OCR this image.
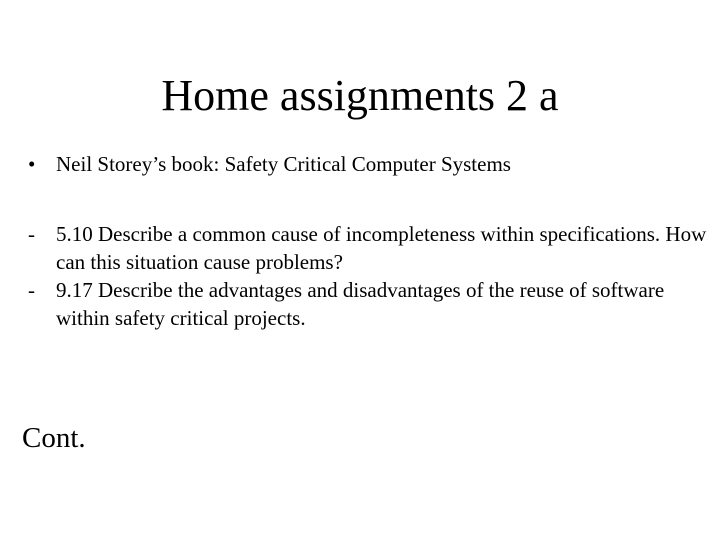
Home assignments 2 a
• Neil Storey’s book: Safety Critical Computer Systems
- 5.10 Describe a common cause of incompleteness within specifications. How can this situation cause problems?
- 9.17 Describe the advantages and disadvantages of the reuse of software within safety critical projects.
Cont.
